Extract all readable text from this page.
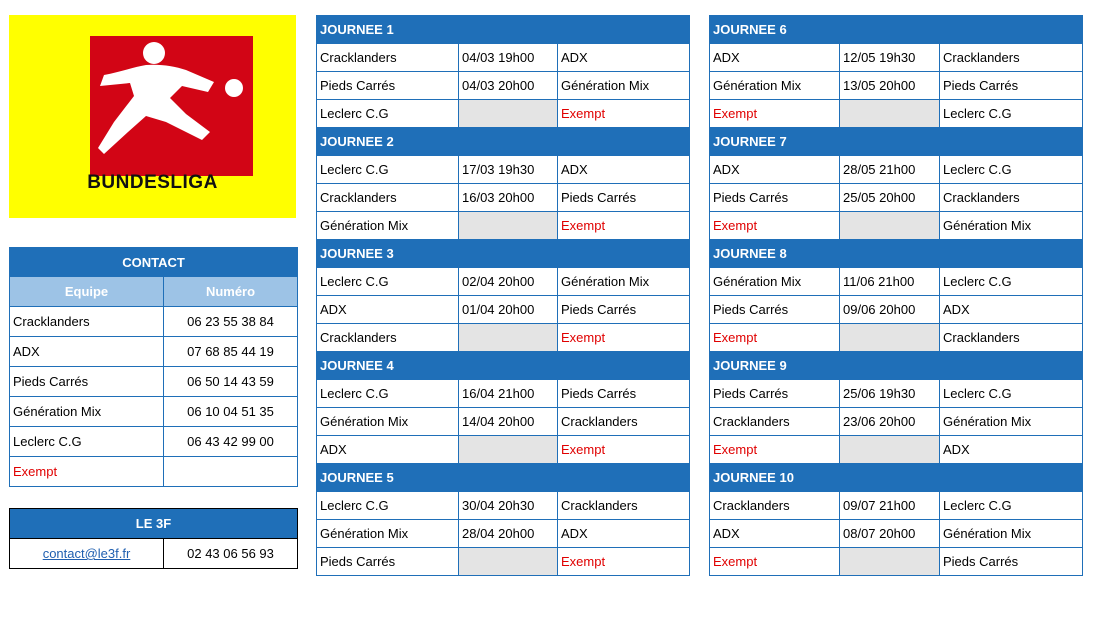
BUNDESLIGA
CONTACT	
Equipe	Numéro
Cracklanders	06 23 55 38 84
ADX	07 68 85 44 19
Pieds Carrés	06 50 14 43 59
Génération Mix	06 10 04 51 35
Leclerc C.G	06 43 42 99 00
Exempt	
LE 3F
contact@le3f.fr	02 43 06 56 93
JOURNEE 1		
Cracklanders	04/03 19h00	ADX
Pieds Carrés	04/03 20h00	Génération Mix
Leclerc C.G		Exempt
JOURNEE 2		
Leclerc C.G	17/03 19h30	ADX
Cracklanders	16/03 20h00	Pieds Carrés
Génération Mix		Exempt
JOURNEE 3		
Leclerc C.G	02/04 20h00	Génération Mix
ADX	01/04 20h00	Pieds Carrés
Cracklanders		Exempt
JOURNEE 4		
Leclerc C.G	16/04 21h00	Pieds Carrés
Génération Mix	14/04 20h00	Cracklanders
ADX		Exempt
JOURNEE 5		
Leclerc C.G	30/04 20h30	Cracklanders
Génération Mix	28/04 20h00	ADX
Pieds Carrés		Exempt
JOURNEE 6		
ADX	12/05 19h30	Cracklanders
Génération Mix	13/05 20h00	Pieds Carrés
Exempt		Leclerc C.G
JOURNEE 7		
ADX	28/05 21h00	Leclerc C.G
Pieds Carrés	25/05 20h00	Cracklanders
Exempt		Génération Mix
JOURNEE 8		
Génération Mix	11/06 21h00	Leclerc C.G
Pieds Carrés	09/06 20h00	ADX
Exempt		Cracklanders
JOURNEE 9		
Pieds Carrés	25/06 19h30	Leclerc C.G
Cracklanders	23/06 20h00	Génération Mix
Exempt		ADX
JOURNEE 10		
Cracklanders	09/07 21h00	Leclerc C.G
ADX	08/07 20h00	Génération Mix
Exempt		Pieds Carrés
